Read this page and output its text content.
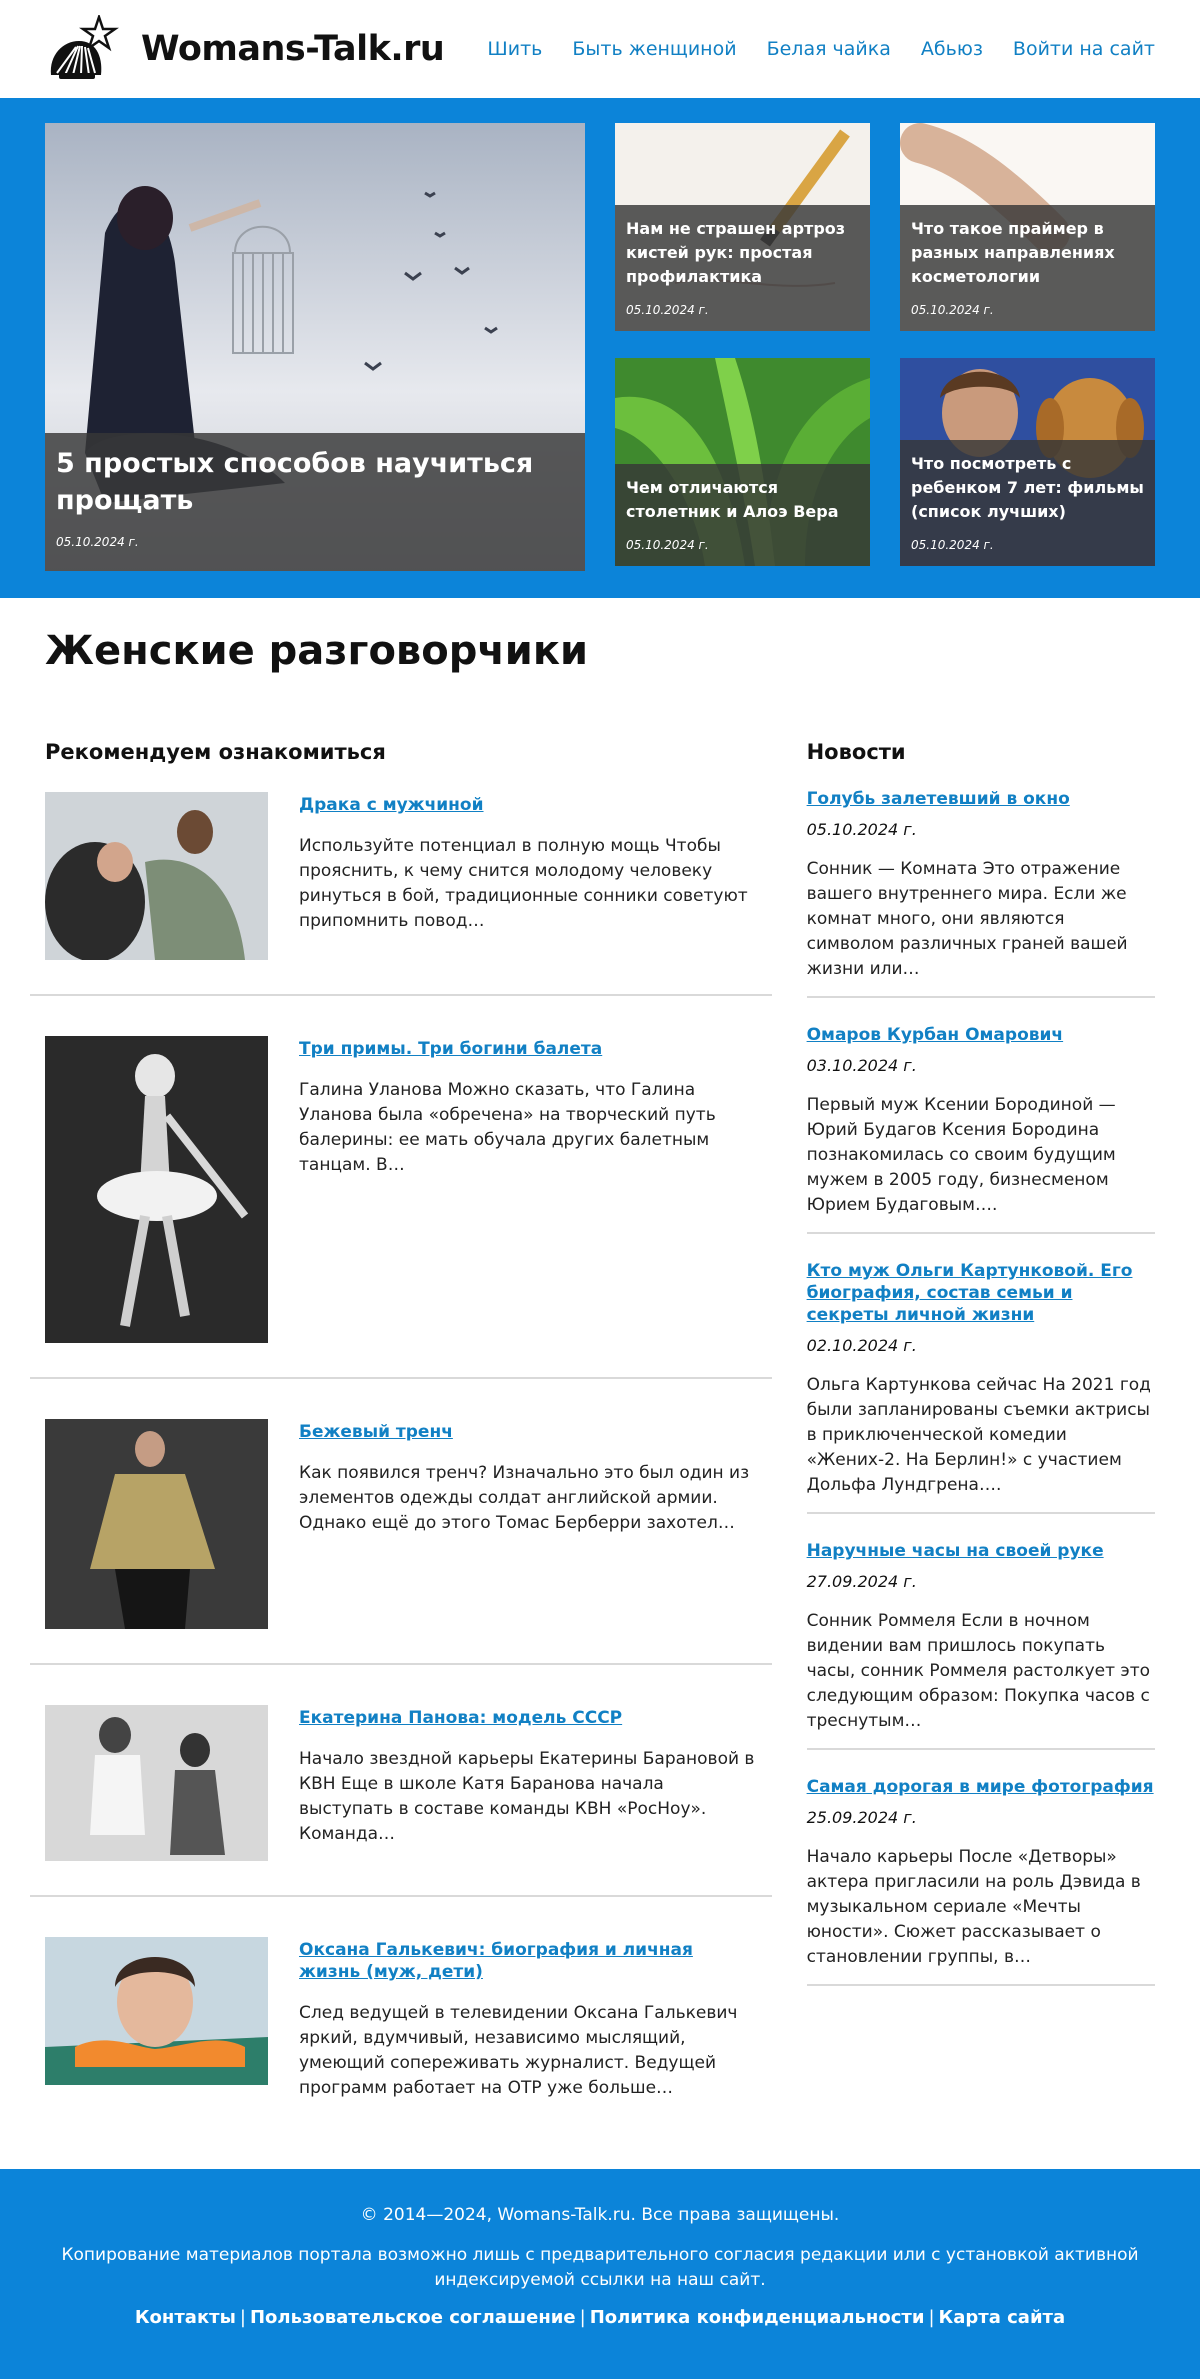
Womans-Talk.ru Шить Быть женщиной Белая чайка Абьюз Войти на сайт
5 простых способов научиться прощать
05.10.2024 г.
Нам не страшен артроз кистей рук: простая профилактика
05.10.2024 г.
Что такое праймер в разных направлениях косметологии
05.10.2024 г.
Чем отличаются столетник и Алоэ Вера
05.10.2024 г.
Что посмотреть с ребенком 7 лет: фильмы (список лучших)
05.10.2024 г.
Женские разговорчики
Рекомендуем ознакомиться
Драка с мужчиной
Используйте потенциал в полную мощь Чтобы прояснить, к чему снится молодому человеку ринуться в бой, традиционные сонники советуют припомнить повод…
Три примы. Три богини балета
Галина Уланова Можно сказать, что Галина Уланова была «обречена» на творческий путь балерины: ее мать обучала других балетным танцам. В…
Бежевый тренч
Как появился тренч? Изначально это был один из элементов одежды солдат английской армии. Однако ещё до этого Томас Берберри захотел…
Екатерина Панова: модель СССР
Начало звездной карьеры Екатерины Барановой в КВН Еще в школе Катя Баранова начала выступать в составе команды КВН «РосНоу». Команда…
Оксана Галькевич: биография и личная жизнь (муж, дети)
След ведущей в телевидении Оксана Галькевич яркий, вдумчивый, независимо мыслящий, умеющий сопереживать журналист. Ведущей программ работает на ОТР уже больше…
Новости
Голубь залетевший в окно
05.10.2024 г.
Сонник — Комната Это отражение вашего внутреннего мира. Если же комнат много, они являются символом различных граней вашей жизни или…
Омаров Курбан Омарович
03.10.2024 г.
Первый муж Ксении Бородиной — Юрий Будагов Ксения Бородина познакомилась со своим будущим мужем в 2005 году, бизнесменом Юрием Будаговым….
Кто муж Ольги Картунковой. Его биография, состав семьи и секреты личной жизни
02.10.2024 г.
Ольга Картункова сейчас На 2021 год были запланированы съемки актрисы в приключенческой комедии «Жених-2. На Берлин!» с участием Дольфа Лундгрена….
Наручные часы на своей руке
27.09.2024 г.
Сонник Роммеля Если в ночном видении вам пришлось покупать часы, сонник Роммеля растолкует это следующим образом: Покупка часов с треснутым…
Самая дорогая в мире фотография
25.09.2024 г.
Начало карьеры После «Детворы» актера пригласили на роль Дэвида в музыкальном сериале «Мечты юности». Сюжет рассказывает о становлении группы, в…
© 2014—2024, Womans-Talk.ru. Все права защищены.
Копирование материалов портала возможно лишь с предварительного согласия редакции или с установкой активной индексируемой ссылки на наш сайт.
Контакты | Пользовательское соглашение | Политика конфиденциальности | Карта сайта
